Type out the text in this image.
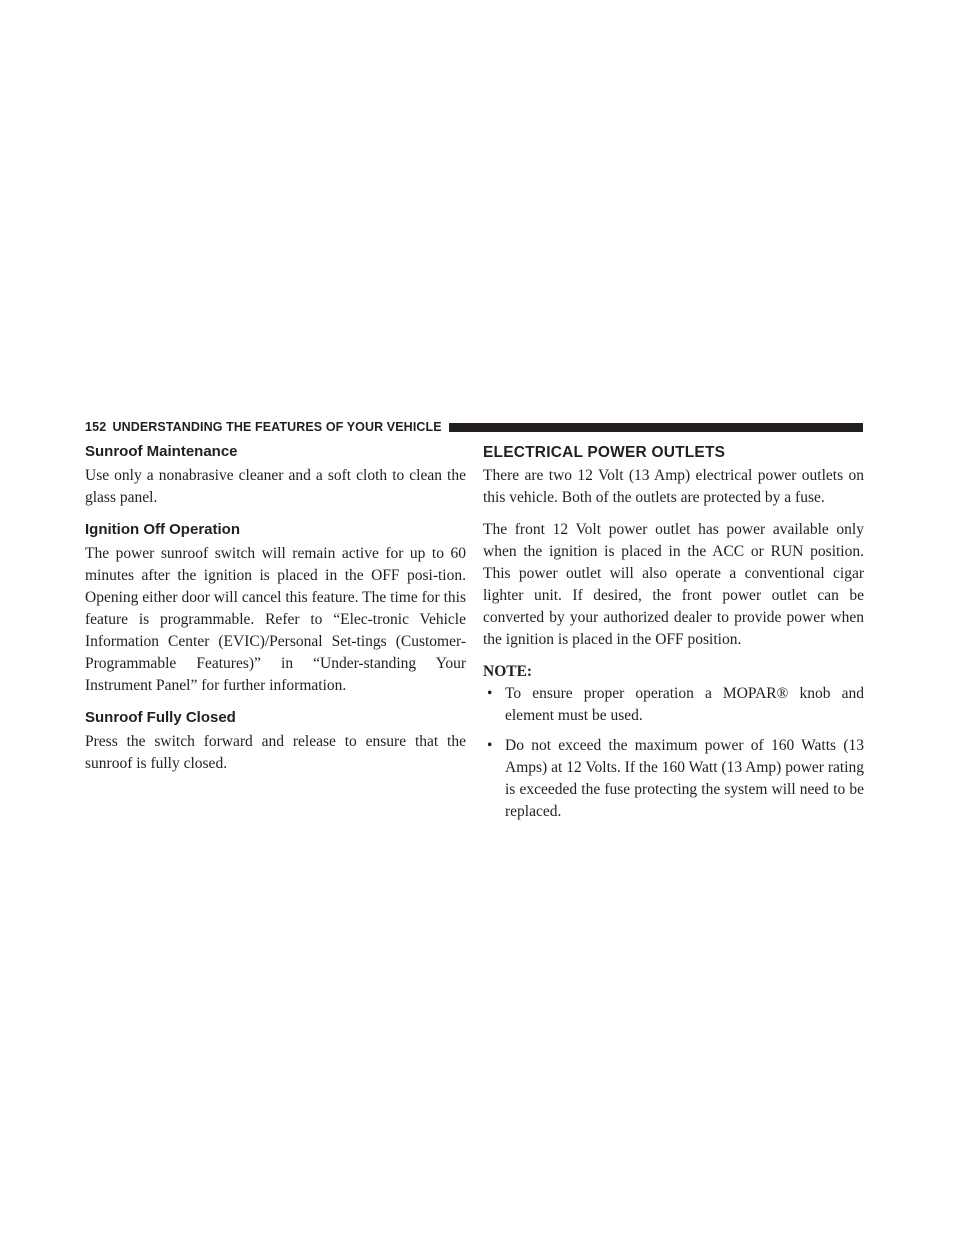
152 UNDERSTANDING THE FEATURES OF YOUR VEHICLE
Sunroof Maintenance

Use only a nonabrasive cleaner and a soft cloth to clean the glass panel.

Ignition Off Operation

The power sunroof switch will remain active for up to 60 minutes after the ignition is placed in the OFF posi-tion. Opening either door will cancel this feature. The time for this feature is programmable. Refer to “Elec-tronic Vehicle Information Center (EVIC)/Personal Set-tings (Customer-Programmable Features)” in “Under-standing Your Instrument Panel” for further information.

Sunroof Fully Closed

Press the switch forward and release to ensure that the sunroof is fully closed.

ELECTRICAL POWER OUTLETS

There are two 12 Volt (13 Amp) electrical power outlets on this vehicle. Both of the outlets are protected by a fuse.

The front 12 Volt power outlet has power available only when the ignition is placed in the ACC or RUN position. This power outlet will also operate a conventional cigar lighter unit. If desired, the front power outlet can be converted by your authorized dealer to provide power when the ignition is placed in the OFF position.

NOTE:
• To ensure proper operation a MOPAR® knob and element must be used.
• Do not exceed the maximum power of 160 Watts (13 Amps) at 12 Volts. If the 160 Watt (13 Amp) power rating is exceeded the fuse protecting the system will need to be replaced.
